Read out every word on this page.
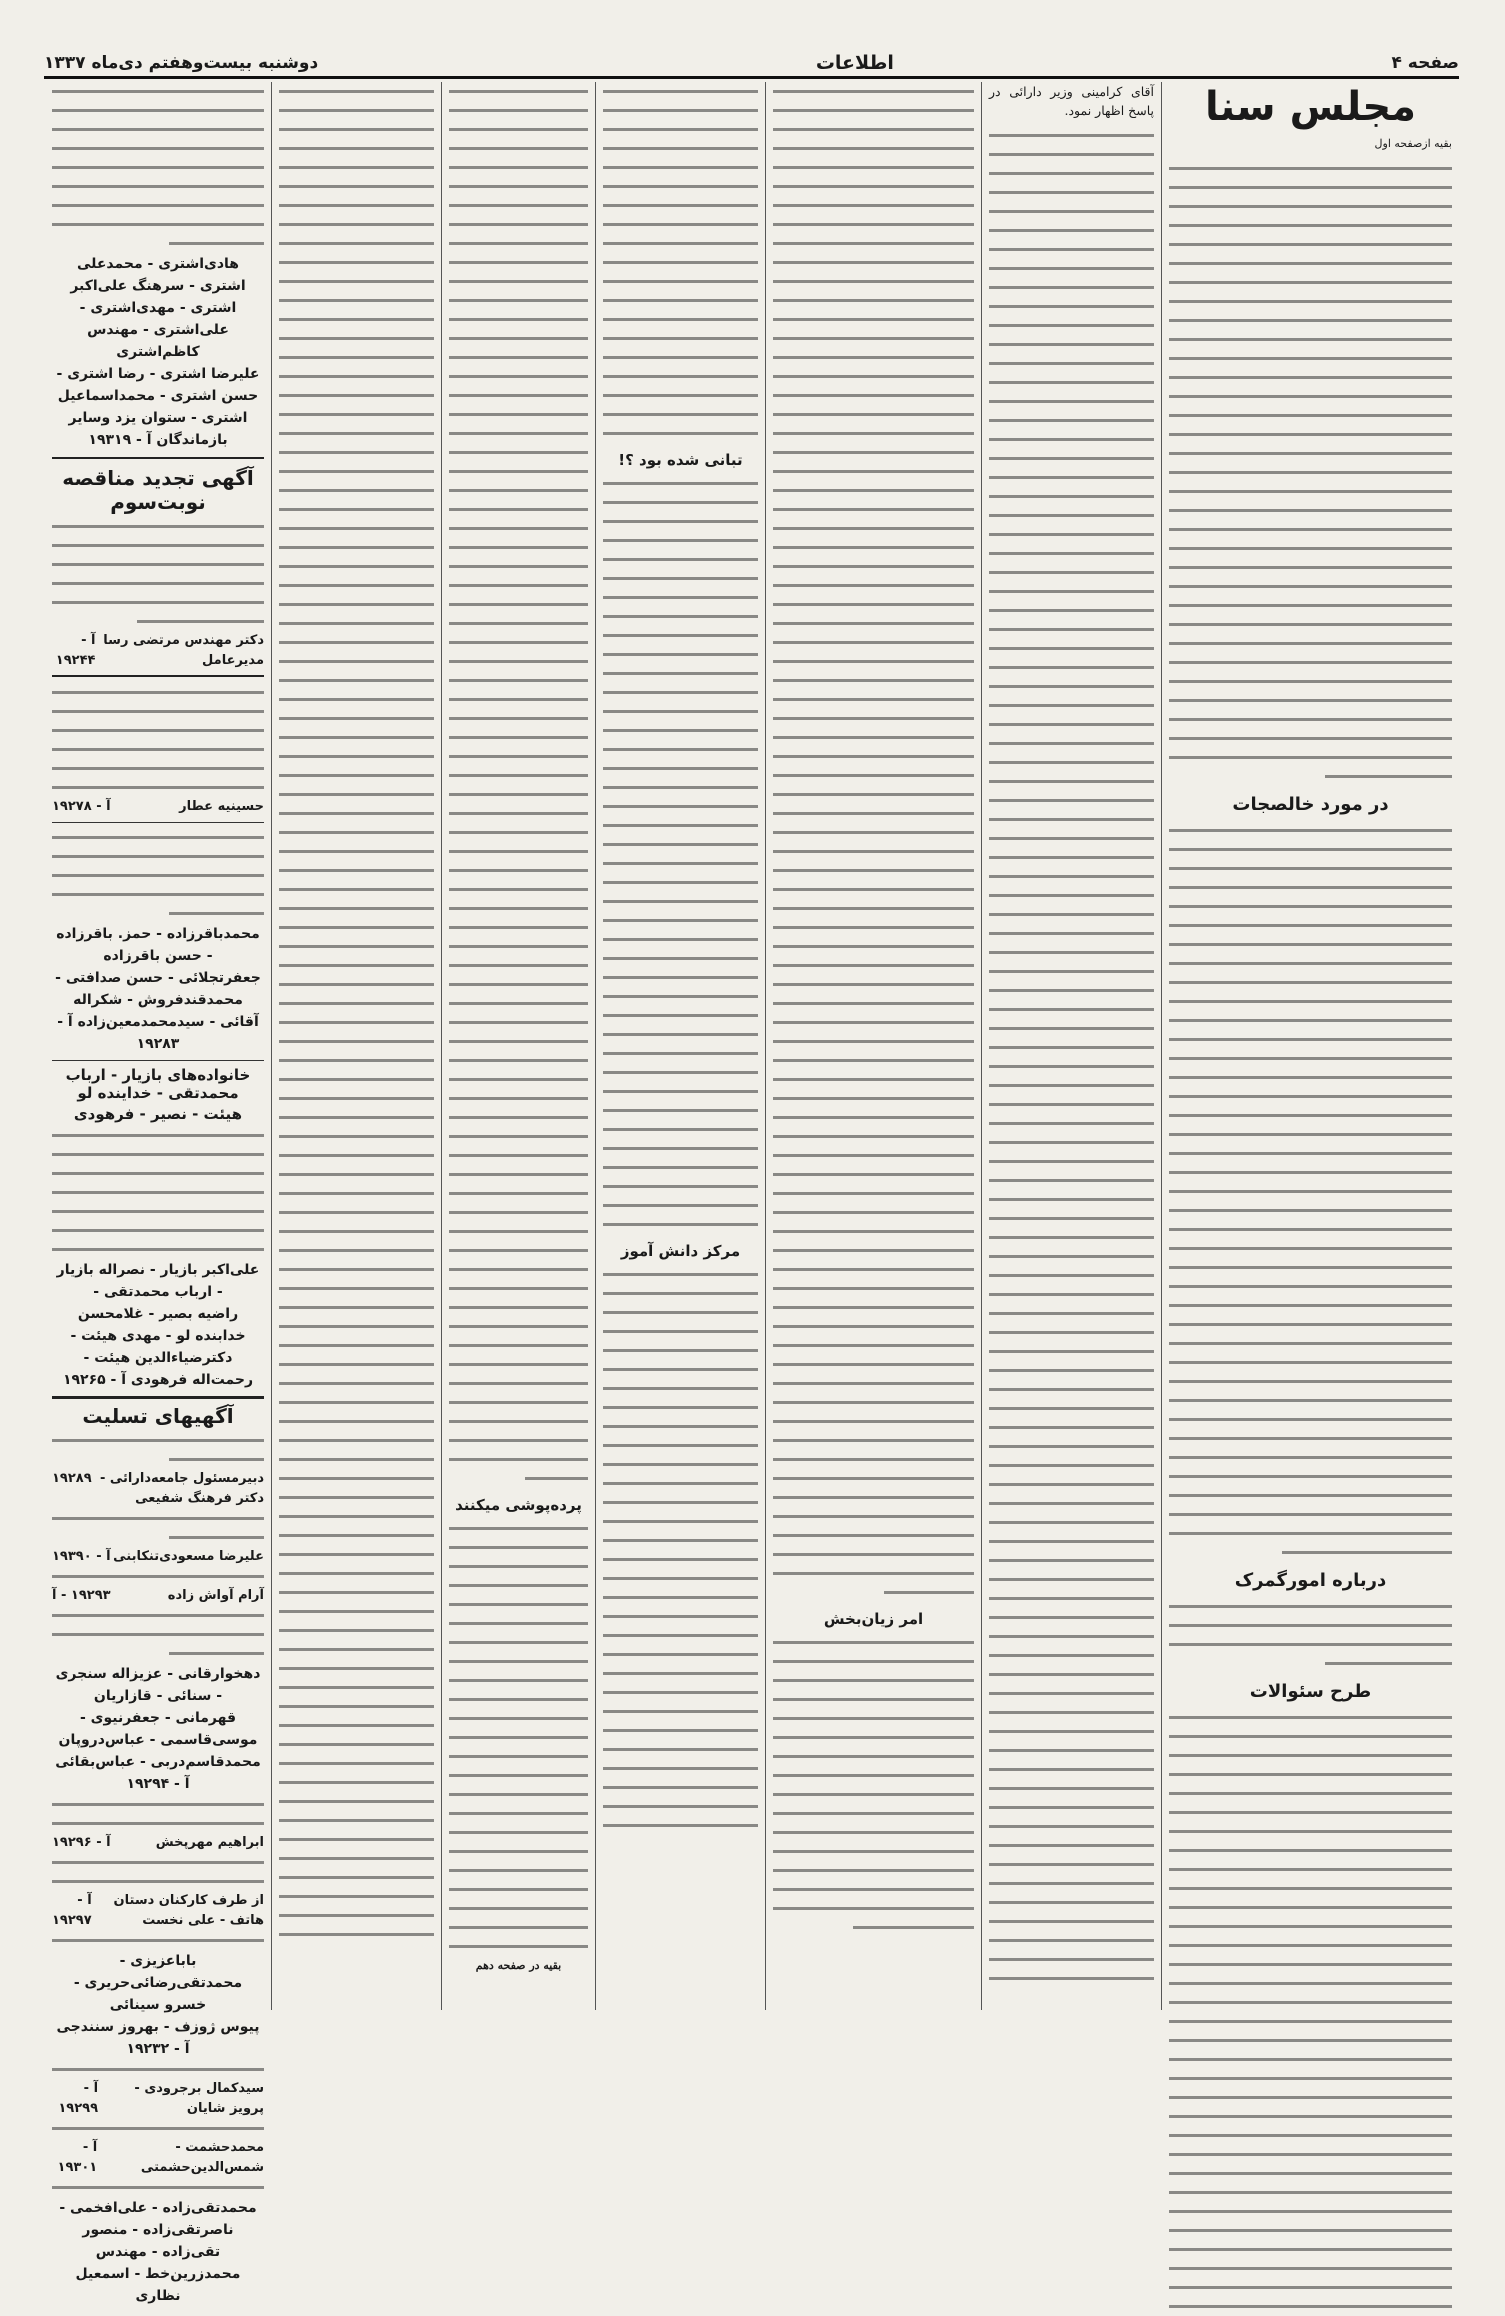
صفحه ۴
اطلاعات
دوشنبه بیست‌وهفتم دی‌ماه ۱۳۳۷
مجلس سنا
بقیه ازصفحه اول
در مورد خالصجات
درباره امورگمرک
طرح سئوالات
آقای کرامینی وزیر دارائی در پاسخ اظهار نمود.
امر زیان‌بخش
تبانی شده بود ؟!
مرکز دانش آموز
پرده‌پوشی میکنند
بقیه در صفحه دهم
هادی‌اشتری - محمدعلی اشتری - سرهنگ علی‌اکبر
اشتری - مهدی‌اشتری - علی‌اشتری - مهندس کاظم‌اشتری
علیرضا اشتری - رضا اشتری - حسن اشتری - محمداسماعیل
اشتری - ستوان یزد وسایر بازماندگان آ - ۱۹۳۱۹
آگهی تجدید مناقصه نوبت‌سوم
دکتر مهندس مرتضی رسا مدیرعامل
آ - ۱۹۲۴۴
حسینیه عطار
آ - ۱۹۲۷۸
محمدباقرزاده - حمز. باقرزاده - حسن باقرزاده
جعفرتجلائی - حسن صدافتی - محمدقندفروش - شکراله
آقائی - سیدمحمدمعین‌زاده آ - ۱۹۲۸۳
خانواده‌های بازیار - ارباب محمدتقی - خداینده لو
هیئت - نصیر - فرهودی
علی‌اکبر بازیار - نصراله بازیار - ارباب محمدتقی -
راضیه بصیر - غلامحسن خدابنده لو - مهدی هیئت -
دکترضیاءالدین هیئت - رحمت‌اله فرهودی آ - ۱۹۲۶۵
آگهیهای تسلیت
دبیرمسئول جامعه‌دارائی - دکتر فرهنگ شفیعی
۱۹۲۸۹
علیرضا مسعودی‌تنکابنی
آ - ۱۹۳۹۰
آرام آواش زاده
۱۹۲۹۳ - آ
دهخوارقانی - عزیزاله سنجری - سنائی - قازاریان
قهرمانی - جعفرنیوی - موسی‌قاسمی - عباس‌دروپان
محمدقاسم‌دربی - عباس‌بقائی آ - ۱۹۲۹۴
ابراهیم مهرپخش
آ - ۱۹۲۹۶
از طرف کارکنان دستان هاتف - علی نخست
آ - ۱۹۲۹۷
باباعزیزی - محمدتقی‌رضائی‌حریری - خسرو سینائی
پیوس ژوزف - بهروز سنندجی آ - ۱۹۲۳۲
سیدکمال برجرودی - پرویز شایان
آ - ۱۹۲۹۹
محمدحشمت - شمس‌الدین‌حشمتی
آ - ۱۹۳۰۱
محمدتقی‌زاده - علی‌افخمی - ناصرتقی‌زاده - منصور
تقی‌زاده - مهندس محمدزرین‌خط - اسمعیل نظاری
